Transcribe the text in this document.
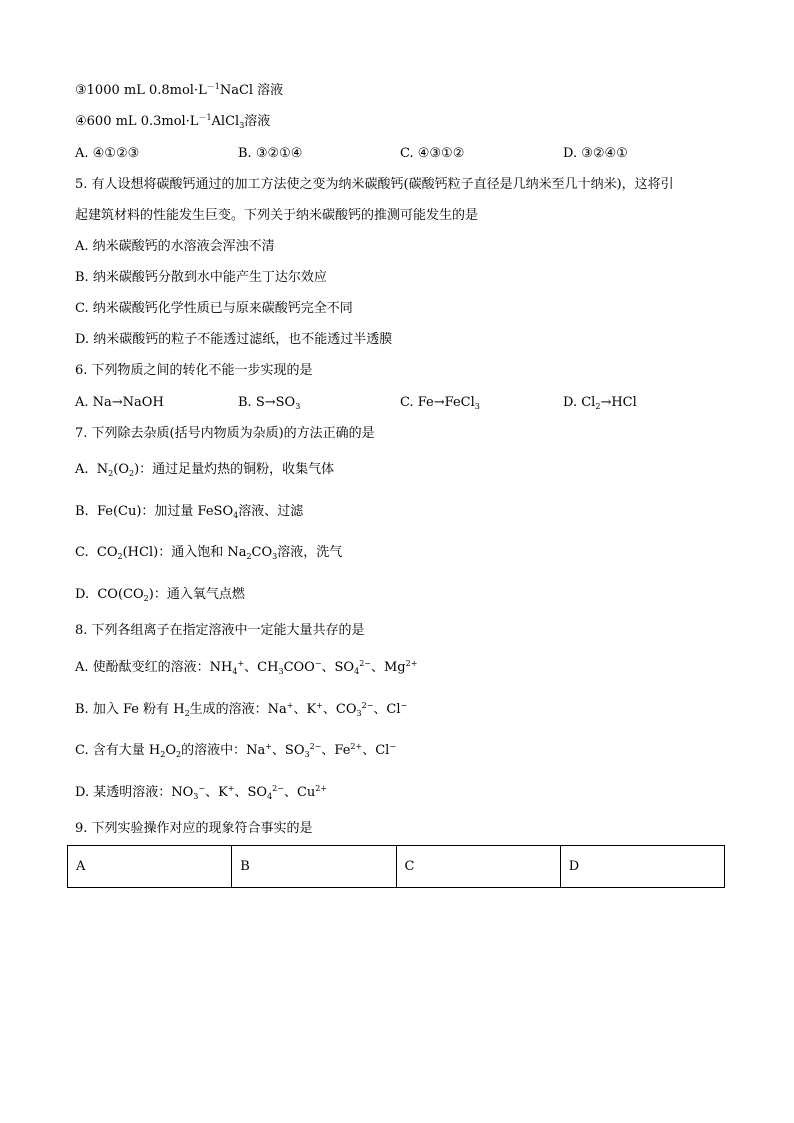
③1000 mL $0.8mol\cdot L^{-1}NaCl$ 溶液
④600 mL $0.3mol\cdot L^{-1}AlCl_3$溶液
A. ④①②③	B. ③②①④	C. ④③①②	D. ③②④①
5. 有人设想将碳酸钙通过的加工方法使之变为纳米碳酸钙(碳酸钙粒子直径是几纳米至几十纳米)，这将引
起建筑材料的性能发生巨变。下列关于纳米碳酸钙的推测可能发生的是
A. 纳米碳酸钙的水溶液会浑浊不清
B. 纳米碳酸钙分散到水中能产生丁达尔效应
C. 纳米碳酸钙化学性质已与原来碳酸钙完全不同
D. 纳米碳酸钙的粒子不能透过滤纸，也不能透过半透膜
6. 下列物质之间的转化不能一步实现的是
A. Na→NaOH	B. $S\to SO_3$	C. Fe→FeCl$_3$	D. $Cl_2\to HCl$
7. 下列除去杂质(括号内物质为杂质)的方法正确的是
A. $N_2(O_2)$：通过足量灼热的铜粉，收集气体
B. Fe(Cu)：加过量 FeSO$_4$溶液、过滤
C. $CO_2(HCl)$：通入饱和 $Na_2CO_3$溶液，洗气
D. $CO(CO_2)$：通入氧气点燃
8. 下列各组离子在指定溶液中一定能大量共存的是
A. 使酚酞变红的溶液：$NH_4^+$、$CH_3COO^-$、$SO_4^{2-}$、$Mg^{2+}$
B. 加入 Fe 粉有 $H_2$生成的溶液：Na+、K+、$CO_3^{2-}$、Cl−
C. 含有大量 $H_2O_2$的溶液中：Na+、$SO_3^{2-}$、$Fe^{2+}$、Cl−
D. 某透明溶液：$NO_3^-$、K+、$SO_4^{2-}$、$Cu^{2+}$
9. 下列实验操作对应的现象符合事实的是
A	B	C	D
